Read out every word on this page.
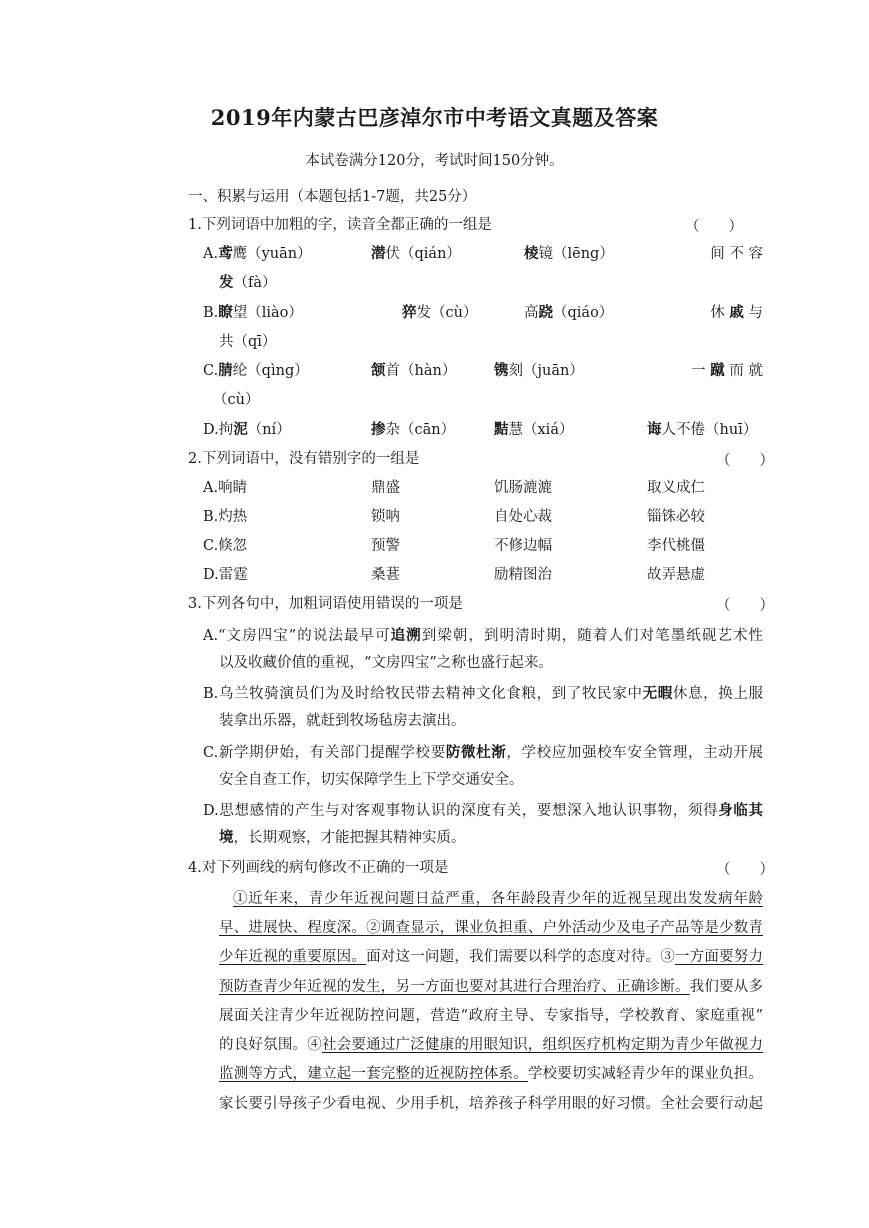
2019年内蒙古巴彦淖尔市中考语文真题及答案
本试卷满分120分，考试时间150分钟。
一、积累与运用（本题包括1-7题，共25分）
1.下列词语中加粗的字，读音全都正确的一组是	（　　）
A.鸢鹰（yuān）	潜伏（qián）	棱镜（lēng）	间 不 容
发（fà）
B.瞭望（liào）	猝发（cù）	高跷（qiáo）	休 戚 与
共（qī）
C.腈纶（qìng）	颔首（hàn）	镌刻（juān）	一 蹴 而 就
（cù）
D.拘泥（ní）	掺杂（cān）	黠慧（xiá）	诲人不倦（huī）
2.下列词语中，没有错别字的一组是	（　　）
A.响睛	鼎盛	饥肠漉漉	取义成仁
B.灼热	锁呐	自处心裁	锱铢必较
C.倏忽	预警	不修边幅	李代桃僵
D.雷霆	桑葚	励精图治	故弄悬虚
3.下列各句中，加粗词语使用错误的一项是	（　　）
A.“文房四宝”的说法最早可追溯到梁朝，到明清时期，随着人们对笔墨纸砚艺术性
以及收藏价值的重视，“文房四宝”之称也盛行起来。
B.乌兰牧骑演员们为及时给牧民带去精神文化食粮，到了牧民家中无暇休息，换上服
装拿出乐器，就赶到牧场毡房去演出。
C.新学期伊始，有关部门提醒学校要防微杜渐，学校应加强校车安全管理，主动开展
安全自查工作，切实保障学生上下学交通安全。
D.思想感情的产生与对客观事物认识的深度有关，要想深入地认识事物，须得身临其
境，长期观察，才能把握其精神实质。
4.对下列画线的病句修改不正确的一项是	（　　）
①近年来，青少年近视问题日益严重，各年龄段青少年的近视呈现出发发病年龄
早、进展快、程度深。②调查显示，课业负担重、户外活动少及电子产品等是少数青
少年近视的重要原因。面对这一问题，我们需要以科学的态度对待。③一方面要努力
预防查青少年近视的发生，另一方面也要对其进行合理治疗、正确诊断。我们要从多
展面关注青少年近视防控问题，营造“政府主导、专家指导，学校教育、家庭重视”
的良好氛围。④社会要通过广泛健康的用眼知识，组织医疗机构定期为青少年做视力
监测等方式，建立起一套完整的近视防控体系。学校要切实减轻青少年的课业负担。
家长要引导孩子少看电视、少用手机，培养孩子科学用眼的好习惯。全社会要行动起
